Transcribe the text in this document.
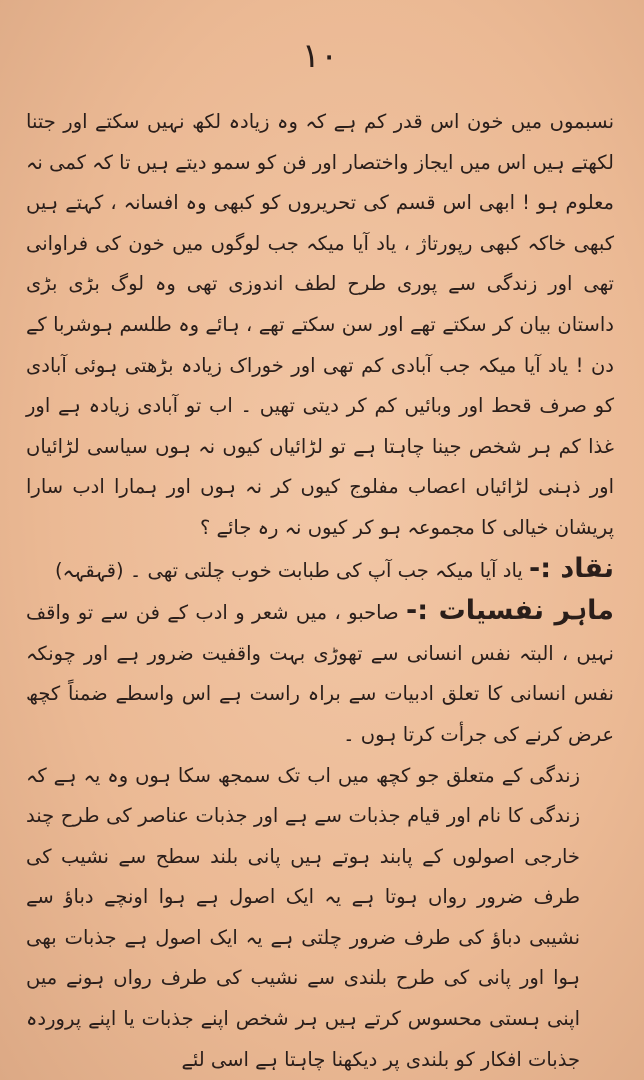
۱۰

نسبموں میں خون اس قدر کم ہے کہ وہ زیادہ لکھ نہیں سکتے اور جتنا لکھتے ہیں اس میں ایجاز واختصار اور فن کو سمو دیتے ہیں تا کہ کمی نہ معلوم ہو ! ابھی اس قسم کی تحریروں کو کبھی وہ افسانہ ، کہتے ہیں کبھی خاکہ کبھی رپورتاژ ، یاد آیا میکہ جب لوگوں میں خون کی فراوانی تھی اور زندگی سے پوری طرح لطف اندوزی تھی وہ لوگ بڑی بڑی داستان بیان کر سکتے تھے اور سن سکتے تھے ، ہائے وہ طلسم ہوشربا کے دن ! یاد آیا میکہ جب آبادی کم تھی اور خوراک زیادہ بڑھتی ہوئی آبادی کو صرف قحط اور وبائیں کم کر دیتی تھیں ۔ اب تو آبادی زیادہ ہے اور غذا کم ہر شخص جینا چاہتا ہے تو لڑائیاں کیوں نہ ہوں سیاسی لڑائیاں اور ذہنی لڑائیاں اعصاب مفلوج کیوں کر نہ ہوں اور ہمارا ادب سارا پریشان خیالی کا مجموعہ ہو کر کیوں نہ رہ جائے ؟

نقاد :- یاد آیا میکہ جب آپ کی طبابت خوب چلتی تھی ۔ (قہقہہ)

ماہر نفسیات :- صاحبو ، میں شعر و ادب کے فن سے تو واقف نہیں ، البتہ نفس انسانی سے تھوڑی بہت واقفیت ضرور ہے اور چونکہ نفس انسانی کا تعلق ادبیات سے براہ راست ہے اس واسطے ضمناً کچھ عرض کرنے کی جرأت کرتا ہوں ۔

زندگی کے متعلق جو کچھ میں اب تک سمجھ سکا ہوں وہ یہ ہے کہ زندگی کا نام اور قیام جذبات سے ہے اور جذبات عناصر کی طرح چند خارجی اصولوں کے پابند ہوتے ہیں پانی بلند سطح سے نشیب کی طرف ضرور رواں ہوتا ہے یہ ایک اصول ہے ہوا اونچے دباؤ سے نشیبی دباؤ کی طرف ضرور چلتی ہے یہ ایک اصول ہے جذبات بھی ہوا اور پانی کی طرح بلندی سے نشیب کی طرف رواں ہونے میں اپنی ہستی محسوس کرتے ہیں ہر شخص اپنے جذبات یا اپنے پروردہ جذبات افکار کو بلندی پر دیکھنا چاہتا ہے اسی لئے
